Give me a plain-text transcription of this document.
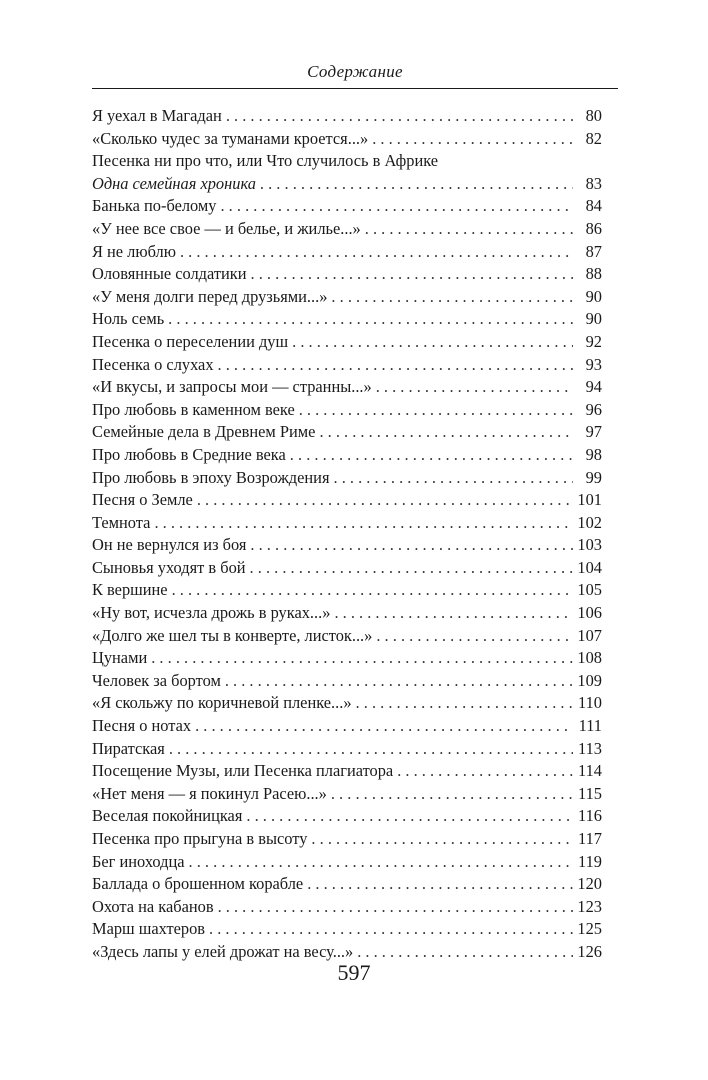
Содержание
Я уехал в Магадан . . .	80
«Сколько чудес за туманами кроется...» . . .	82
Песенка ни про что, или Что случилось в Африке
Одна семейная хроника . . .	83
Банька по-белому . . .	84
«У нее все свое — и белье, и жилье...» . . .	86
Я не люблю . . .	87
Оловянные солдатики . . .	88
«У меня долги перед друзьями...» . . .	90
Ноль семь . . .	90
Песенка о переселении душ . . .	92
Песенка о слухах . . .	93
«И вкусы, и запросы мои — странны...» . . .	94
Про любовь в каменном веке . . .	96
Семейные дела в Древнем Риме . . .	97
Про любовь в Средние века . . .	98
Про любовь в эпоху Возрождения . . .	99
Песня о Земле . . .	101
Темнота . . .	102
Он не вернулся из боя . . .	103
Сыновья уходят в бой . . .	104
К вершине . . .	105
«Ну вот, исчезла дрожь в руках...» . . .	106
«Долго же шел ты в конверте, листок...» . . .	107
Цунами . . .	108
Человек за бортом . . .	109
«Я скольжу по коричневой пленке...» . . .	110
Песня о нотах . . .	111
Пиратская . . .	113
Посещение Музы, или Песенка плагиатора . . .	114
«Нет меня — я покинул Расею...» . . .	115
Веселая покойницкая . . .	116
Песенка про прыгуна в высоту . . .	117
Бег иноходца . . .	119
Баллада о брошенном корабле . . .	120
Охота на кабанов . . .	123
Марш шахтеров . . .	125
«Здесь лапы у елей дрожат на весу...» . . .	126
597
